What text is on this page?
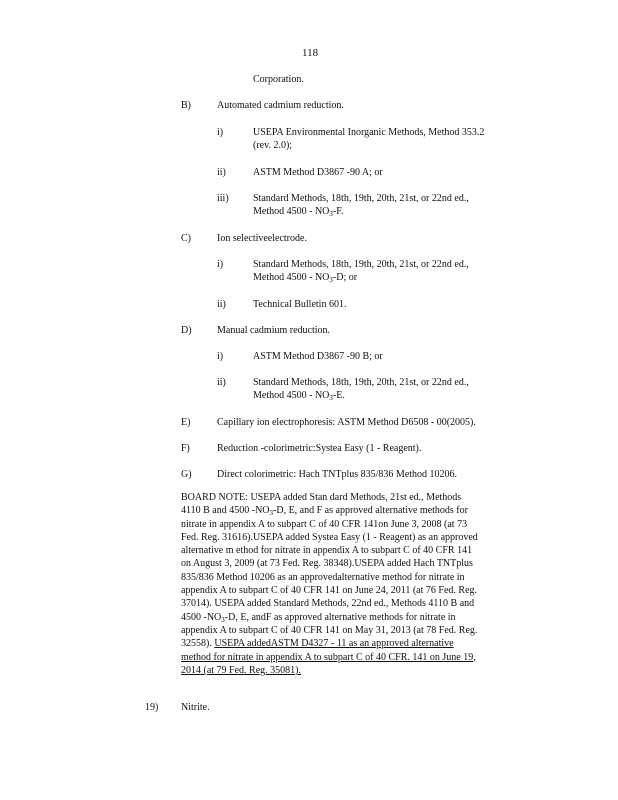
118
Corporation.
B)	Automated cadmium reduction.
i)	USEPA Environmental Inorganic Methods, Method 353.2
(rev. 2.0);
ii)	ASTM Method D3867 -90 A; or
iii) Standard Methods, 18th, 19th, 20th, 21st, or 22nd ed.,
Method $4500 - NO_3-F$.
C)	Ion selectiveelectrode.
i)	Standard Methods, 18th, 19th, 20th, 21st, or 22nd ed.,
Method $4500 - NO_3-D$; or
ii)	Technical Bulletin 601.
D)	Manual cadmium reduction.
i)	ASTM Method D3867 -90 B; or
ii)	Standard Methods, 18th, 19th, 20th, 21st, or 22nd ed.,
Method $4500 - NO_3-E$.
E)	Capillary ion electrophoresis: ASTM Method D6508 - 00(2005).
F)	Reduction -colorimetric:Systea Easy (1 - Reagent).
G)	Direct colorimetric: Hach TNTplus 835/836 Method 10206.
BOARD NOTE: USEPA added Stan dard Methods, 21st ed., Methods
4110 B and 4500 $-NO_3-D$, E, and F as approved alternative methods for
nitrate in appendix A to subpart C of 40 CFR 141on June 3, 2008 (at 73
Fed. Reg. 31616).USEPA added Systea Easy (1 - Reagent) as an approved
alternative m ethod for nitrate in appendix A to subpart C of 40 CFR 141
on August 3, 2009 (at 73 Fed. Reg. 38348).USEPA added Hach TNTplus
835/836 Method 10206 as an approvedalternative method for nitrate in
appendix A to subpart C of 40 CFR 141 on June 24, 2011 (at 76 Fed. Reg.
37014). USEPA added Standard Methods, 22nd ed., Methods 4110 B and
4500 $-NO_3-D$, E, andF as approved alternative methods for nitrate in
appendix A to subpart C of 40 CFR 141 on May 31, 2013 (at 78 Fed. Reg.
32558). USEPA addedASTM D4327 - 11 as an approved alternative
method for nitrate in appendix A to subpart C of 40 CFR. 141 on June 19,
2014 (at 79 Fed. Reg. 35081).
19) Nitrite.
